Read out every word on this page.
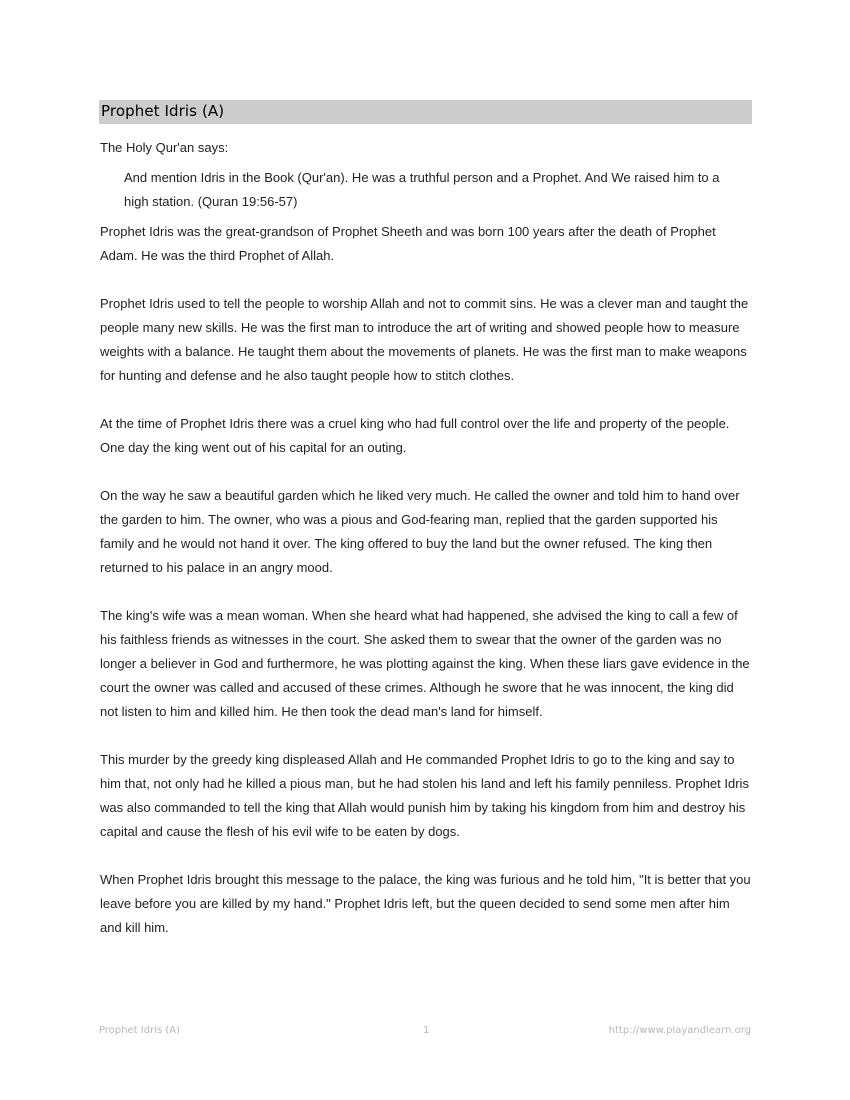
Prophet Idris (A)

The Holy Qur'an says:

And mention Idris in the Book (Qur'an). He was a truthful person and a Prophet. And We raised him to a high station. (Quran 19:56-57)

Prophet Idris was the great-grandson of Prophet Sheeth and was born 100 years after the death of Prophet Adam. He was the third Prophet of Allah.

Prophet Idris used to tell the people to worship Allah and not to commit sins. He was a clever man and taught the people many new skills. He was the first man to introduce the art of writing and showed people how to measure weights with a balance. He taught them about the movements of planets. He was the first man to make weapons for hunting and defense and he also taught people how to stitch clothes.

At the time of Prophet Idris there was a cruel king who had full control over the life and property of the people. One day the king went out of his capital for an outing.

On the way he saw a beautiful garden which he liked very much. He called the owner and told him to hand over the garden to him. The owner, who was a pious and God-fearing man, replied that the garden supported his family and he would not hand it over. The king offered to buy the land but the owner refused. The king then returned to his palace in an angry mood.

The king's wife was a mean woman. When she heard what had happened, she advised the king to call a few of his faithless friends as witnesses in the court. She asked them to swear that the owner of the garden was no longer a believer in God and furthermore, he was plotting against the king. When these liars gave evidence in the court the owner was called and accused of these crimes. Although he swore that he was innocent, the king did not listen to him and killed him. He then took the dead man's land for himself.

This murder by the greedy king displeased Allah and He commanded Prophet Idris to go to the king and say to him that, not only had he killed a pious man, but he had stolen his land and left his family penniless. Prophet Idris was also commanded to tell the king that Allah would punish him by taking his kingdom from him and destroy his capital and cause the flesh of his evil wife to be eaten by dogs.

When Prophet Idris brought this message to the palace, the king was furious and he told him, "It is better that you leave before you are killed by my hand." Prophet Idris left, but the queen decided to send some men after him and kill him.

Prophet Idris (A)	1	http://www.playandlearn.org
